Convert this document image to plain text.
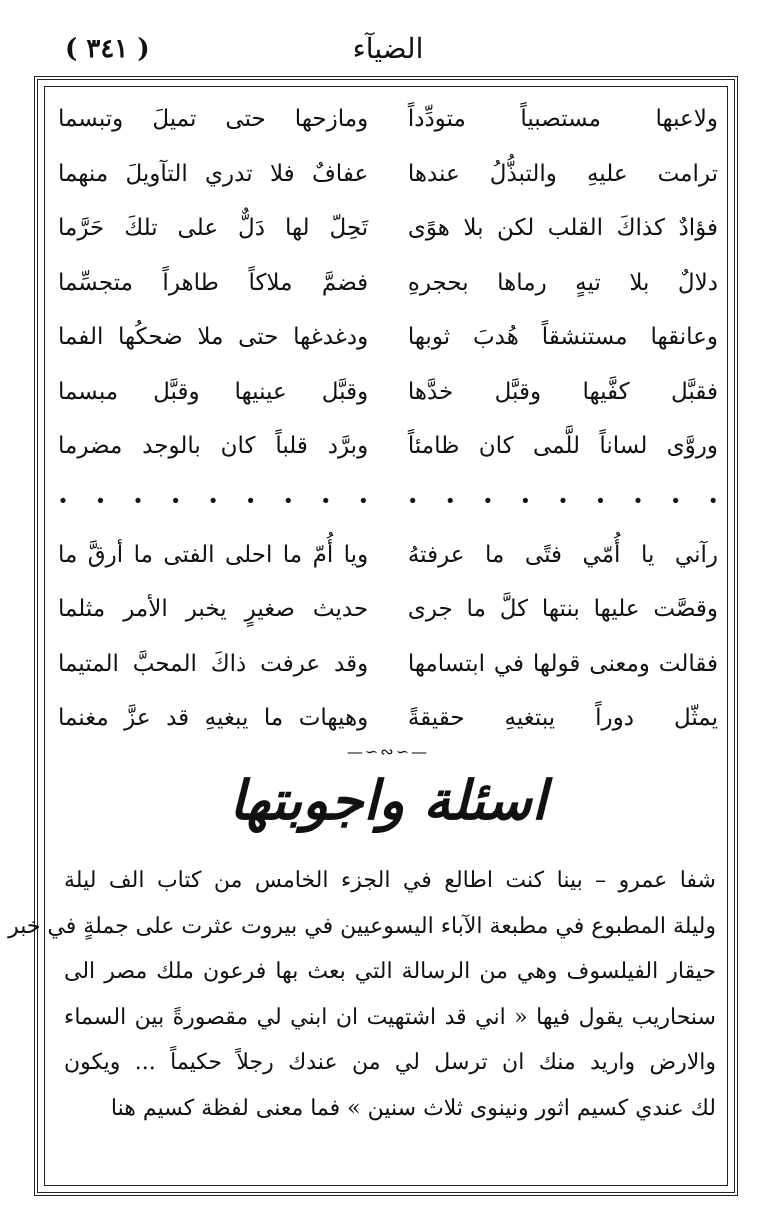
( ٣٤١ )	الضيآء
ولاعبها مستصبياً متودِّداً
ومازحها حتى تميلَ وتبسما
ترامت عليهِ والتبذُّلُ عندها
عفافٌ فلا تدري التآويلَ منهما
فؤادٌ كذاكَ القلب لكن بلا هوًى
تَحِلّ لها دَلٌّ على تلكَ حَرَّما
دلالٌ بلا تيهٍ رماها بحجرهِ
فضمَّ ملاكاً طاهراً متجسِّما
وعانقها مستنشقاً هُدبَ ثوبها
ودغدغها حتى ملا ضحكُها الفما
فقبَّل كفَّيها وقبَّل خدَّها
وقبَّل عينيها وقبَّل مبسما
وروَّى لساناً للَّمى كان ظامئاً
وبرَّد قلباً كان بالوجد مضرما
·
·
·
·
·
·
·
·
·
·
·
·
·
·
·
·
·
·
رآني يا أُمّي فتًى ما عرفتهُ
ويا أُمّ ما احلى الفتى ما أرقَّ ما
وقصَّت عليها بنتها كلَّ ما جرى
حديث صغيرٍ يخبر الأمر مثلما
فقالت ومعنى قولها في ابتسامها
وقد عرفت ذاكَ المحبَّ المتيما
يمثّل دوراً يبتغيهِ حقيقةً
وهيهات ما يبغيهِ قد عزَّ مغنما
—∽∾∽—
اسئلة واجوبتها
شفا عمرو – بينا كنت اطالع في الجزء الخامس من كتاب الف ليلة
وليلة المطبوع في مطبعة الآباء اليسوعيين في بيروت عثرت على جملةٍ في خبر
حيقار الفيلسوف وهي من الرسالة التي بعث بها فرعون ملك مصر الى
سنحاريب يقول فيها « اني قد اشتهيت ان ابني لي مقصورةً بين السماء
والارض واريد منك ان ترسل لي من عندك رجلاً حكيماً ... ويكون
لك عندي كسيم اثور ونينوى ثلاث سنين » فما معنى لفظة كسيم هنا
